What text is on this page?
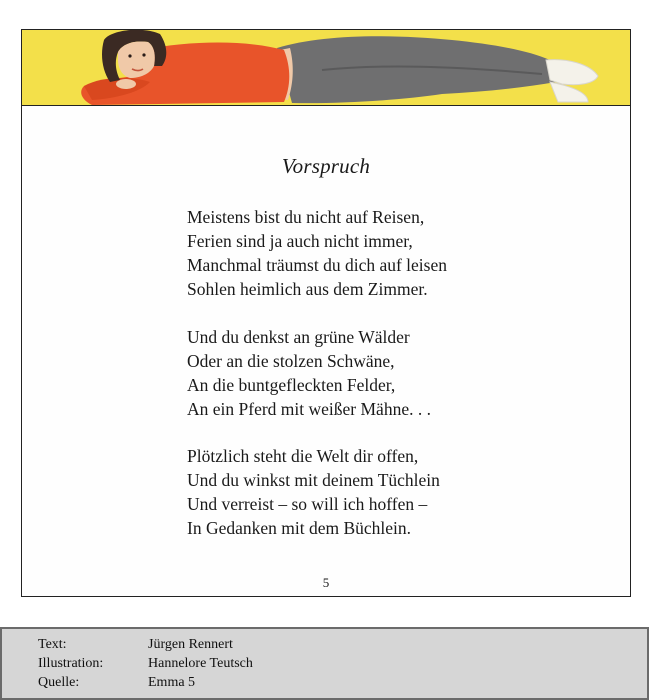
Vorspruch
Meistens bist du nicht auf Reisen,
Ferien sind ja auch nicht immer,
Manchmal träumst du dich auf leisen
Sohlen heimlich aus dem Zimmer.
Und du denkst an grüne Wälder
Oder an die stolzen Schwäne,
An die buntgefleckten Felder,
An ein Pferd mit weißer Mähne. . .
Plötzlich steht die Welt dir offen,
Und du winkst mit deinem Tüchlein
Und verreist – so will ich hoffen –
In Gedanken mit dem Büchlein.
5
Text:	Jürgen Rennert
Illustration:	Hannelore Teutsch
Quelle:	Emma 5
